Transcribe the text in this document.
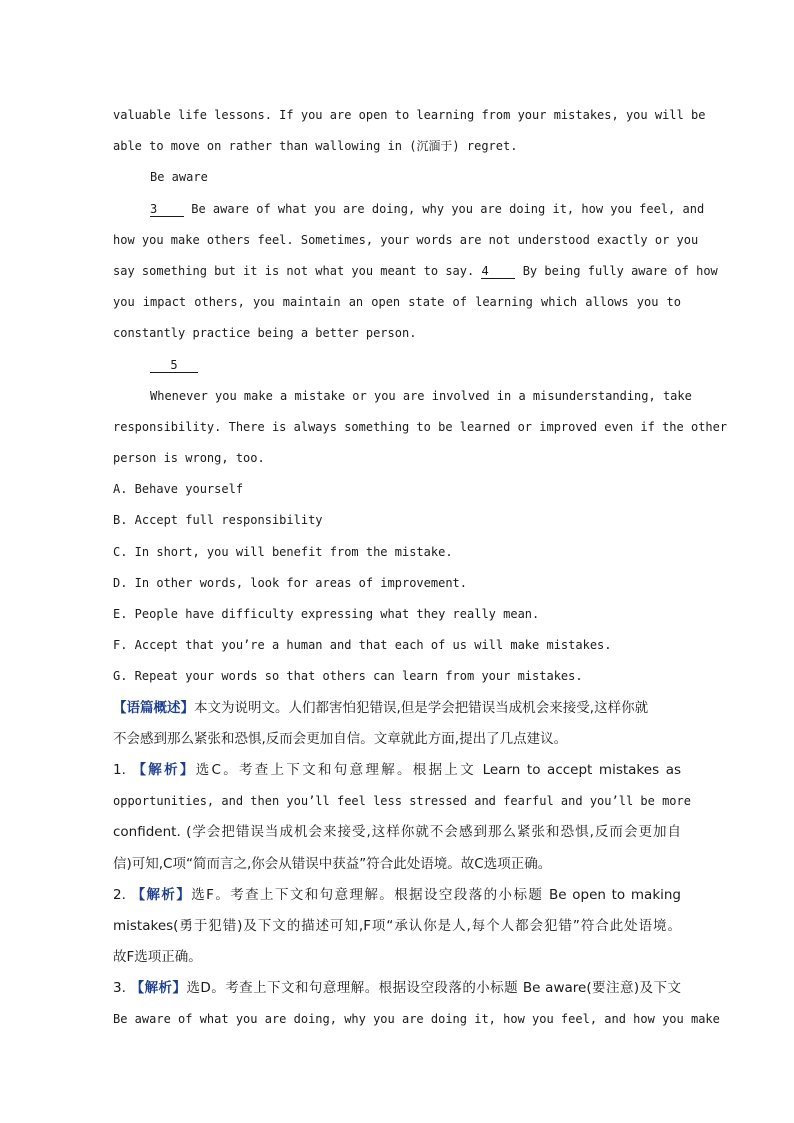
valuable life lessons. If you are open to learning from your mistakes, you will be
able to move on rather than wallowing in (沉湎于) regret.
Be aware
3	Be aware of what you are doing, why you are doing it, how you feel, and
how you make others feel. Sometimes, your words are not understood exactly or you
say something but it is not what you meant to say. 4	By being fully aware of how
you impact others, you maintain an open state of learning which allows you to
constantly practice being a better person.
5
Whenever you make a mistake or you are involved in a misunderstanding, take
responsibility. There is always something to be learned or improved even if the other
person is wrong, too.
A. Behave yourself
B. Accept full responsibility
C. In short, you will benefit from the mistake.
D. In other words, look for areas of improvement.
E. People have difficulty expressing what they really mean.
F. Accept that you’re a human and that each of us will make mistakes.
G. Repeat your words so that others can learn from your mistakes.
【语篇概述】本文为说明文。人们都害怕犯错误,但是学会把错误当成机会来接受,这样你就
不会感到那么紧张和恐惧,反而会更加自信。文章就此方面,提出了几点建议。
1. 【解析】选C。考查上下文和句意理解。根据上文 Learn to accept mistakes as
opportunities, and then you’ll feel less stressed and fearful and you’ll be more
confident. (学会把错误当成机会来接受,这样你就不会感到那么紧张和恐惧,反而会更加自
信)可知,C项“简而言之,你会从错误中获益”符合此处语境。故C选项正确。
2. 【解析】选F。考查上下文和句意理解。根据设空段落的小标题 Be open to making
mistakes(勇于犯错)及下文的描述可知,F项“承认你是人,每个人都会犯错”符合此处语境。
故F选项正确。
3. 【解析】选D。考查上下文和句意理解。根据设空段落的小标题 Be aware(要注意)及下文
Be aware of what you are doing, why you are doing it, how you feel, and how you make
